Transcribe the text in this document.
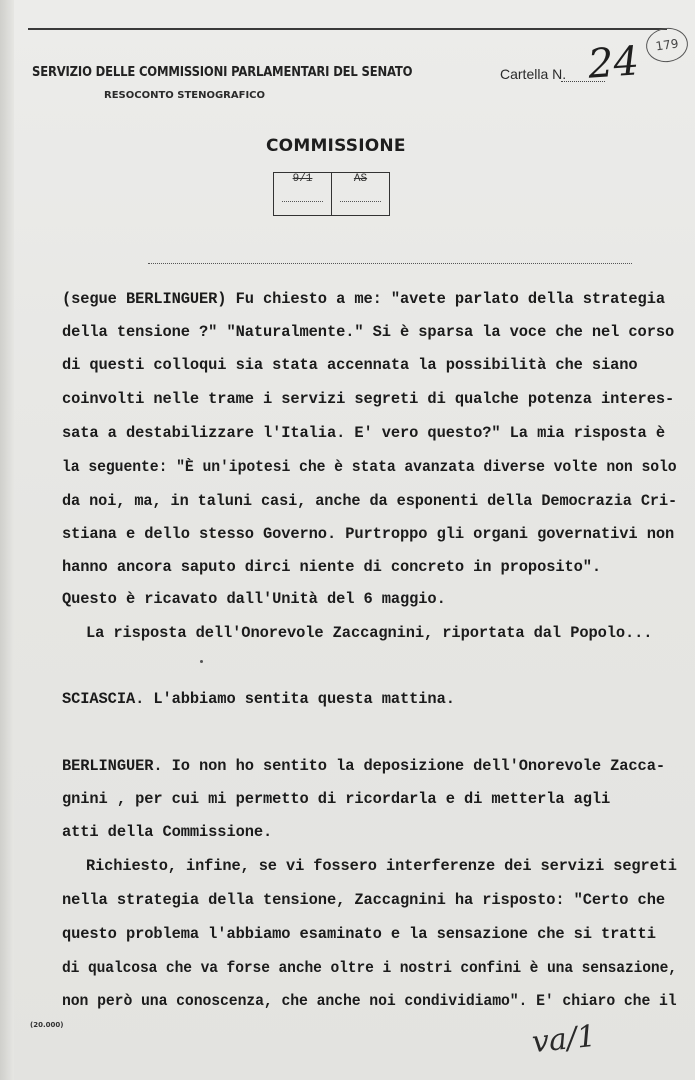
SERVIZIO DELLE COMMISSIONI PARLAMENTARI DEL SENATO
RESOCONTO STENOGRAFICO
Cartella N. 24	179
COMMISSIONE
9/1	AS
(segue BERLINGUER) Fu chiesto a me: "avete parlato della strategia
della tensione ?" "Naturalmente." Si è sparsa la voce che nel corso
di questi colloqui sia stata accennata la possibilità che siano
coinvolti nelle trame i servizi segreti di qualche potenza interes-
sata a destabilizzare l'Italia. E' vero questo?" La mia risposta è
la seguente: "È un'ipotesi che è stata avanzata diverse volte non solo
da noi, ma, in taluni casi, anche da esponenti della Democrazia Cri-
stiana e dello stesso Governo. Purtroppo gli organi governativi non
hanno ancora saputo dirci niente di concreto in proposito".
Questo è ricavato dall'Unità del 6 maggio.
La risposta dell'Onorevole Zaccagnini, riportata dal Popolo...
SCIASCIA. L'abbiamo sentita questa mattina.
BERLINGUER. Io non ho sentito la deposizione dell'Onorevole Zacca-
gnini , per cui mi permetto di ricordarla e di metterla agli
atti della Commissione.
Richiesto, infine, se vi fossero interferenze dei servizi segreti
nella strategia della tensione, Zaccagnini ha risposto: "Certo che
questo problema l'abbiamo esaminato e la sensazione che si tratti
di qualcosa che va forse anche oltre i nostri confini è una sensazione,
non però una conoscenza, che anche noi condividiamo". E' chiaro che il
(20.000)	va/1
